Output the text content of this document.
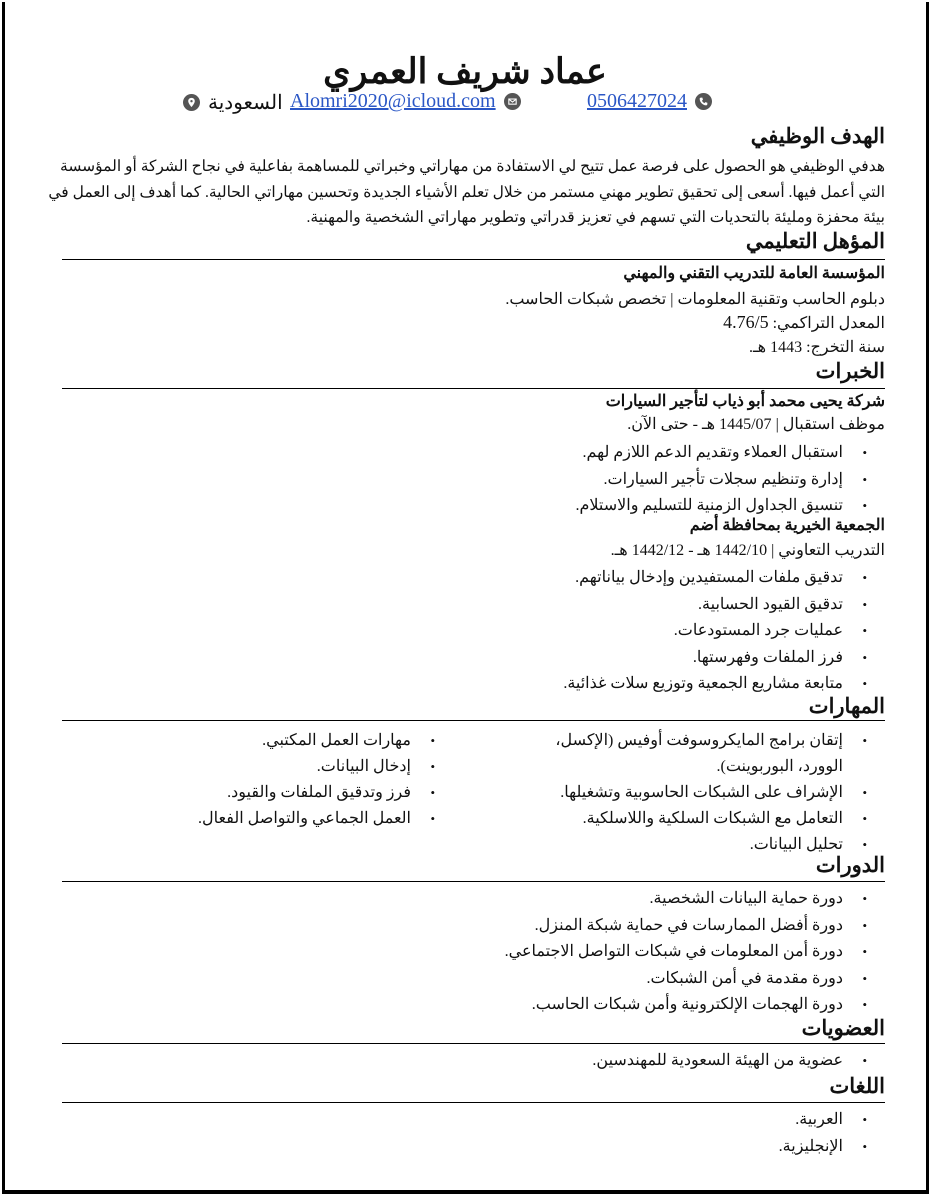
عماد شريف العمري
السعودية Alomri2020@icloud.com	0506427024
الهدف الوظيفي
هدفي الوظيفي هو الحصول على فرصة عمل تتيح لي الاستفادة من مهاراتي وخبراتي للمساهمة بفاعلية في نجاح الشركة أو المؤسسة التي أعمل فيها. أسعى إلى تحقيق تطوير مهني مستمر من خلال تعلم الأشياء الجديدة وتحسين مهاراتي الحالية. كما أهدف إلى العمل في بيئة محفزة ومليئة بالتحديات التي تسهم في تعزيز قدراتي وتطوير مهاراتي الشخصية والمهنية.
المؤهل التعليمي
المؤسسة العامة للتدريب التقني والمهني
دبلوم الحاسب وتقنية المعلومات | تخصص شبكات الحاسب.
المعدل التراكمي: 4.76/5
سنة التخرج: 1443 هـ.
الخبرات
شركة يحيى محمد أبو ذياب لتأجير السيارات
موظف استقبال | 1445/07 هـ - حتى الآن.
• استقبال العملاء وتقديم الدعم اللازم لهم.
• إدارة وتنظيم سجلات تأجير السيارات.
• تنسيق الجداول الزمنية للتسليم والاستلام.
الجمعية الخيرية بمحافظة أضم
التدريب التعاوني | 1442/10 هـ - 1442/12 هـ.
• تدقيق ملفات المستفيدين وإدخال بياناتهم.
• تدقيق القيود الحسابية.
• عمليات جرد المستودعات.
• فرز الملفات وفهرستها.
• متابعة مشاريع الجمعية وتوزيع سلات غذائية.
المهارات
• إتقان برامج المايكروسوفت أوفيس (الإكسل، الوورد، البوربوينت).
• الإشراف على الشبكات الحاسوبية وتشغيلها.
• التعامل مع الشبكات السلكية واللاسلكية.
• تحليل البيانات.
• مهارات العمل المكتبي.
• إدخال البيانات.
• فرز وتدقيق الملفات والقيود.
• العمل الجماعي والتواصل الفعال.
الدورات
• دورة حماية البيانات الشخصية.
• دورة أفضل الممارسات في حماية شبكة المنزل.
• دورة أمن المعلومات في شبكات التواصل الاجتماعي.
• دورة مقدمة في أمن الشبكات.
• دورة الهجمات الإلكترونية وأمن شبكات الحاسب.
العضويات
• عضوية من الهيئة السعودية للمهندسين.
اللغات
• العربية.
• الإنجليزية.
